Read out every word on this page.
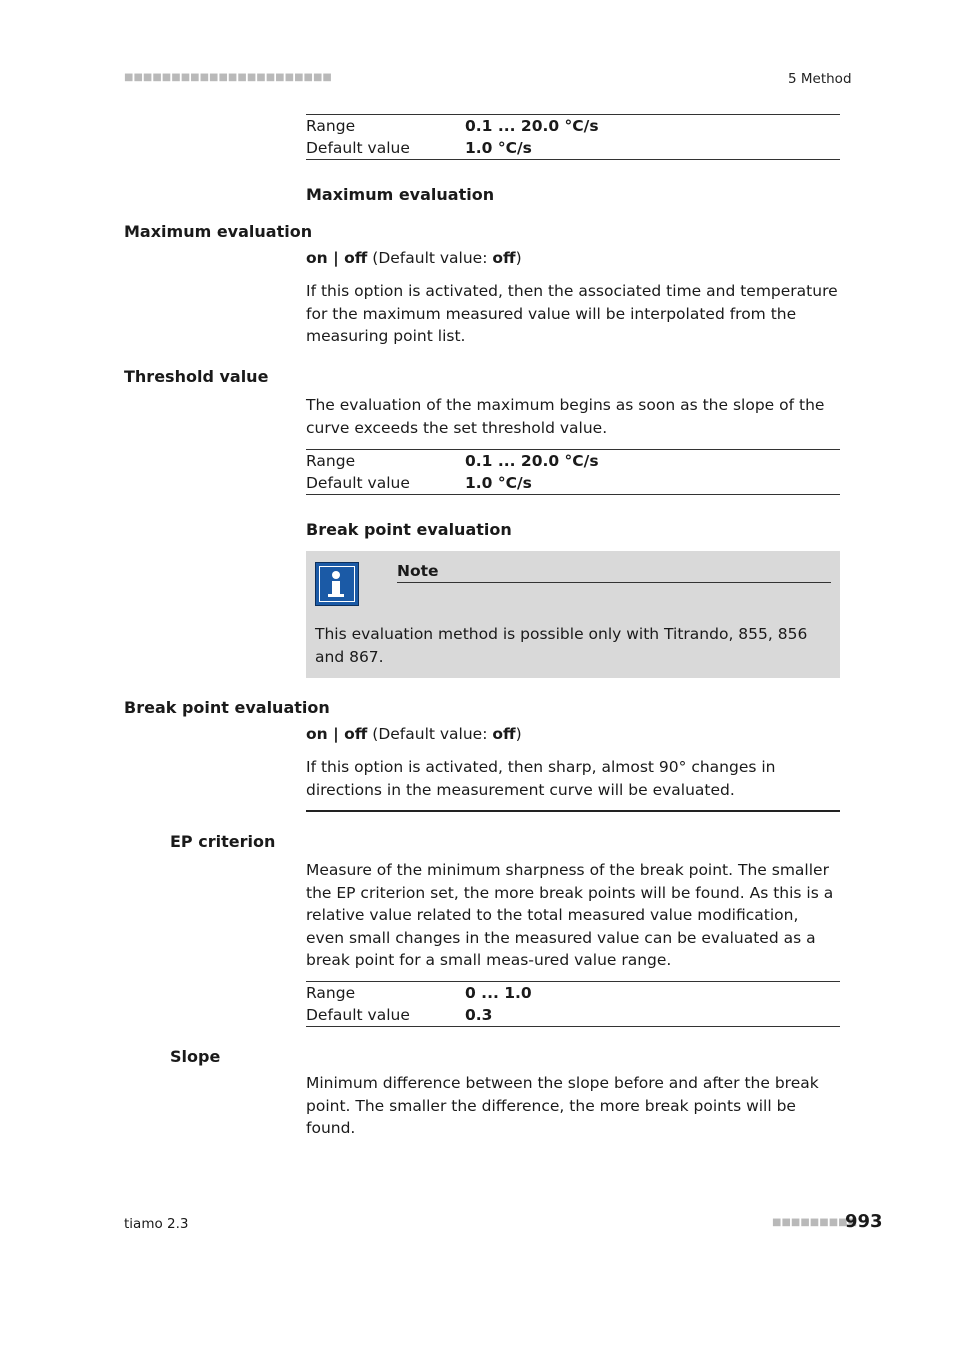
■■■■■■■■■■■■■■■■■■■■■■	5 Method
Range	0.1 ... 20.0 °C/s
Default value	1.0 °C/s
Maximum evaluation
Maximum evaluation
on | off (Default value: off)
If this option is activated, then the associated time and temperature for the maximum measured value will be interpolated from the measuring point list.
Threshold value
The evaluation of the maximum begins as soon as the slope of the curve exceeds the set threshold value.
Range	0.1 ... 20.0 °C/s
Default value	1.0 °C/s
Break point evaluation
Note
This evaluation method is possible only with Titrando, 855, 856 and 867.
Break point evaluation
on | off (Default value: off)
If this option is activated, then sharp, almost 90° changes in directions in the measurement curve will be evaluated.
EP criterion
Measure of the minimum sharpness of the break point. The smaller the EP criterion set, the more break points will be found. As this is a relative value related to the total measured value modification, even small changes in the measured value can be evaluated as a break point for a small meas-ured value range.
Range	0 ... 1.0
Default value	0.3
Slope
Minimum difference between the slope before and after the break point. The smaller the difference, the more break points will be found.
tiamo 2.3	■■■■■■■■■
993
